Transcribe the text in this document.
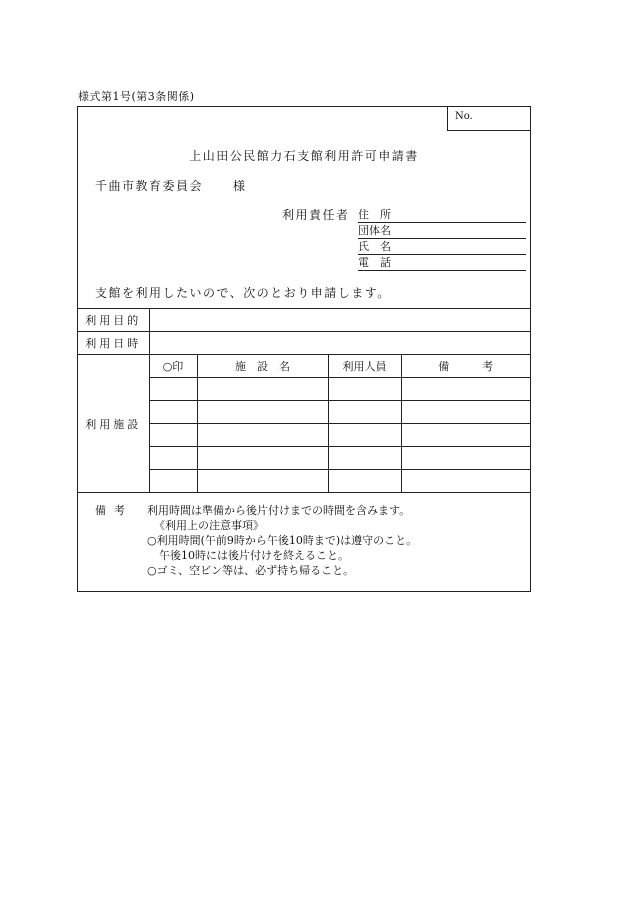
様式第1号(第3条関係)
No.
上山田公民館力石支館利用許可申請書
千曲市教育委員会	様
利用責任者 住　所
団体名
氏　名
電　話
支館を利用したいので、次のとおり申請します。
利用目的				
利用日時				
利用施設	○印	施　設　名	利用人員	備　　　考

備考	利用時間は準備から後片付けまでの時間を含みます。
《利用上の注意事項》
○利用時間(午前9時から午後10時まで)は遵守のこと。
午後10時には後片付けを終えること。
○ゴミ、空ビン等は、必ず持ち帰ること。
